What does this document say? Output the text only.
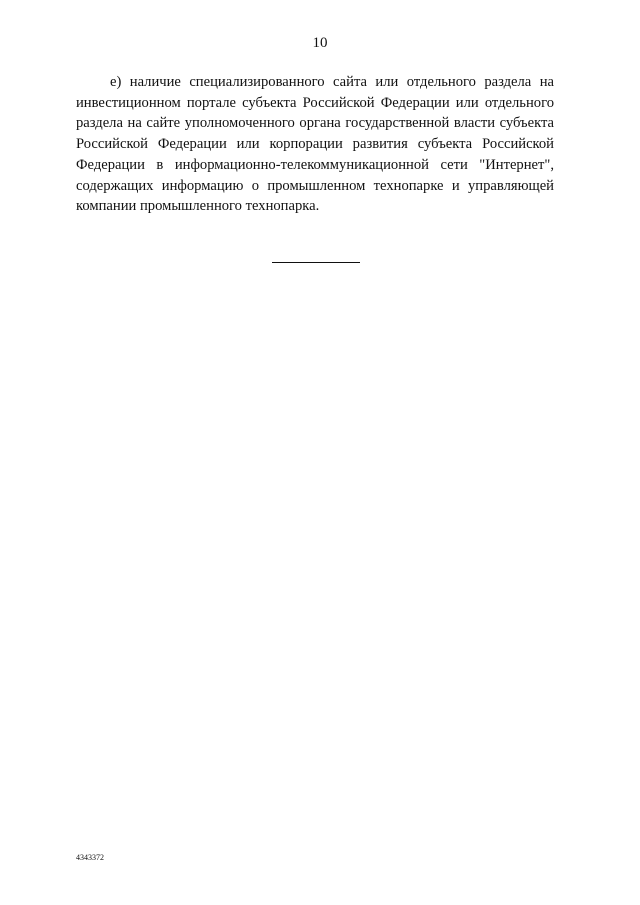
10

е) наличие специализированного сайта или отдельного раздела на инвестиционном портале субъекта Российской Федерации или отдельного раздела на сайте уполномоченного органа государственной власти субъекта Российской Федерации или корпорации развития субъекта Российской Федерации в информационно-телекоммуникационной сети "Интернет", содержащих информацию о промышленном технопарке и управляющей компании промышленного технопарка.

4343372
